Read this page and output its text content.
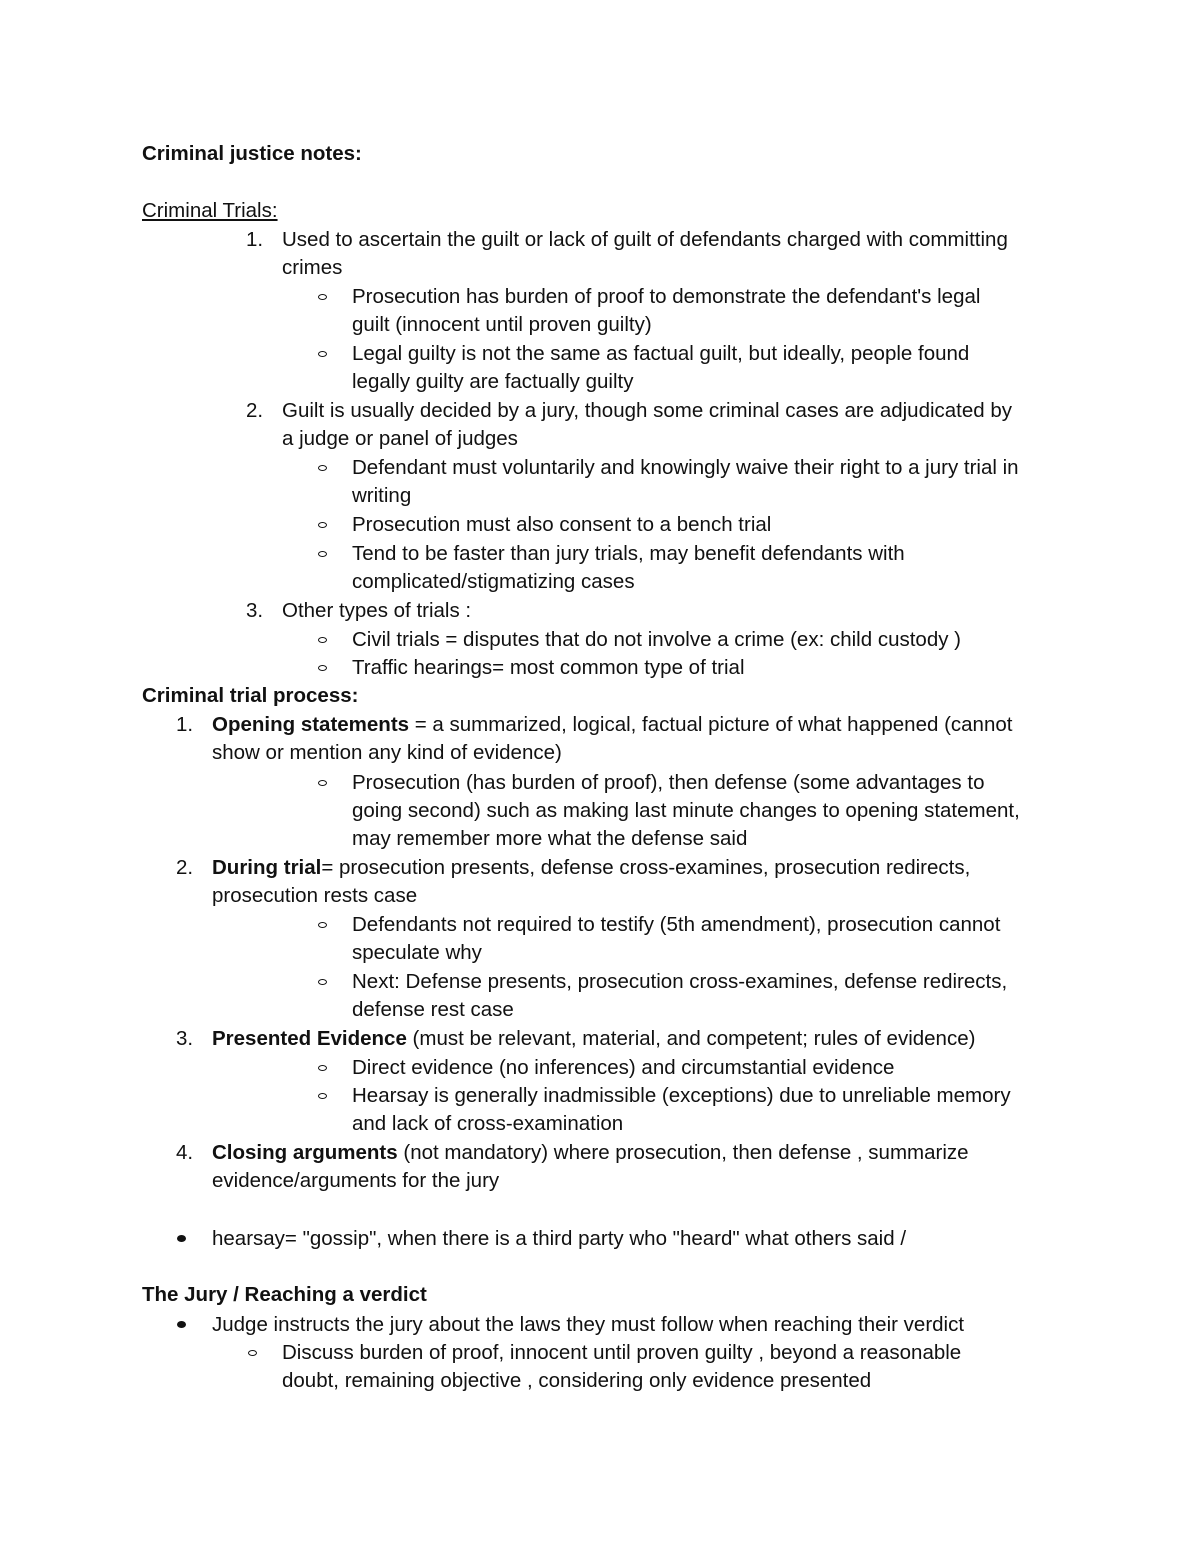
Criminal justice notes:
Criminal Trials:
1. Used to ascertain the guilt or lack of guilt of defendants charged with committing
crimes
Prosecution has burden of proof to demonstrate the defendant's legal
guilt (innocent until proven guilty)
Legal guilty is not the same as factual guilt, but ideally, people found
legally guilty are factually guilty
2. Guilt is usually decided by a jury, though some criminal cases are adjudicated by
a judge or panel of judges
Defendant must voluntarily and knowingly waive their right to a jury trial in
writing
Prosecution must also consent to a bench trial
Tend to be faster than jury trials, may benefit defendants with
complicated/stigmatizing cases
3. Other types of trials :
Civil trials = disputes that do not involve a crime (ex: child custody )
Traffic hearings= most common type of trial
Criminal trial process:
1. Opening statements = a summarized, logical, factual picture of what happened (cannot
show or mention any kind of evidence)
Prosecution (has burden of proof), then defense (some advantages to
going second) such as making last minute changes to opening statement,
may remember more what the defense said
2. During trial= prosecution presents, defense cross-examines, prosecution redirects,
prosecution rests case
Defendants not required to testify (5th amendment), prosecution cannot
speculate why
Next: Defense presents, prosecution cross-examines, defense redirects,
defense rest case
3. Presented Evidence (must be relevant, material, and competent; rules of evidence)
Direct evidence (no inferences) and circumstantial evidence
Hearsay is generally inadmissible (exceptions) due to unreliable memory
and lack of cross-examination
4. Closing arguments (not mandatory) where prosecution, then defense , summarize
evidence/arguments for the jury
hearsay= "gossip", when there is a third party who "heard" what others said /
The Jury / Reaching a verdict
Judge instructs the jury about the laws they must follow when reaching their verdict
Discuss burden of proof, innocent until proven guilty , beyond a reasonable
doubt, remaining objective , considering only evidence presented
